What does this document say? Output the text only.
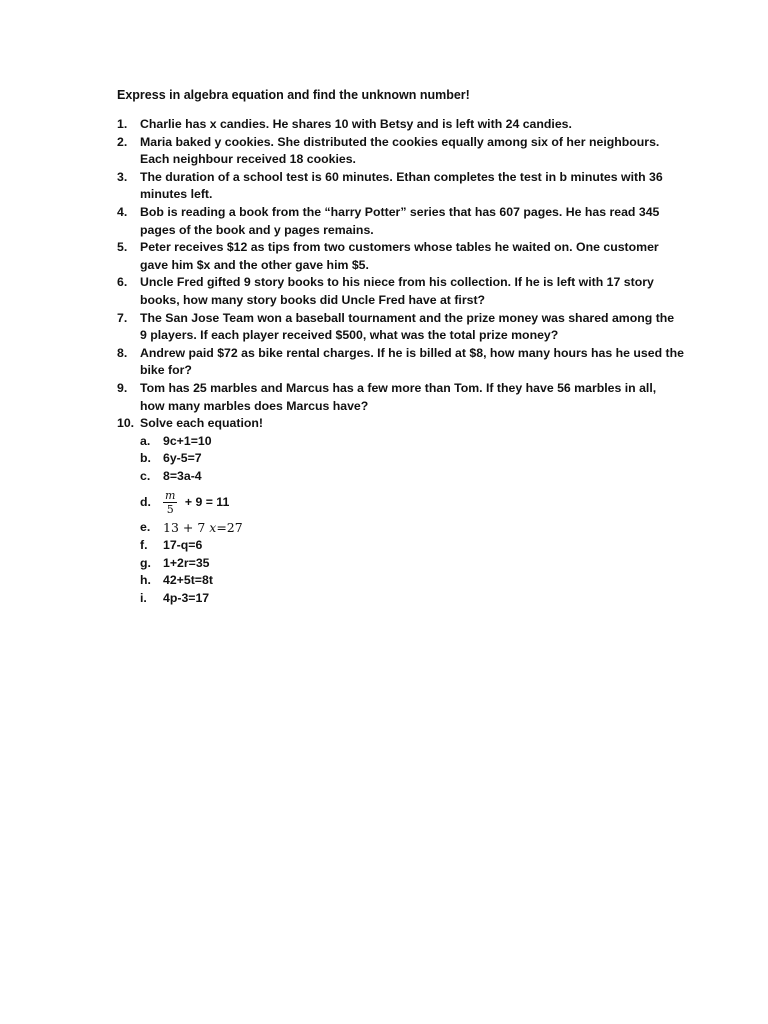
Express in algebra equation and find the unknown number!
1.	Charlie has x candies. He shares 10 with Betsy and is left with 24 candies.
2.	Maria baked y cookies. She distributed the cookies equally among six of her neighbours.
Each neighbour received 18 cookies.
3.	The duration of a school test is 60 minutes. Ethan completes the test in b minutes with 36
minutes left.
4.	Bob is reading a book from the “harry Potter” series that has 607 pages. He has read 345
pages of the book and y pages remains.
5.	Peter receives $12 as tips from two customers whose tables he waited on. One customer
gave him $x and the other gave him $5.
6.	Uncle Fred gifted 9 story books to his niece from his collection. If he is left with 17 story
books, how many story books did Uncle Fred have at first?
7.	The San Jose Team won a baseball tournament and the prize money was shared among the
9 players. If each player received $500, what was the total prize money?
8.	Andrew paid $72 as bike rental charges. If he is billed at $8, how many hours has he used the
bike for?
9.	Tom has 25 marbles and Marcus has a few more than Tom. If they have 56 marbles in all,
how many marbles does Marcus have?
10. Solve each equation!
a.	9c+1=10
b. 6y-5=7
c.	8=3a-4
d.	$\frac{m}{5} + 9 = 11$
e.	13 + 7 x=27
f.	17-q=6
g. 1+2r=35
h. 42+5t=8t
i.	4p-3=17
